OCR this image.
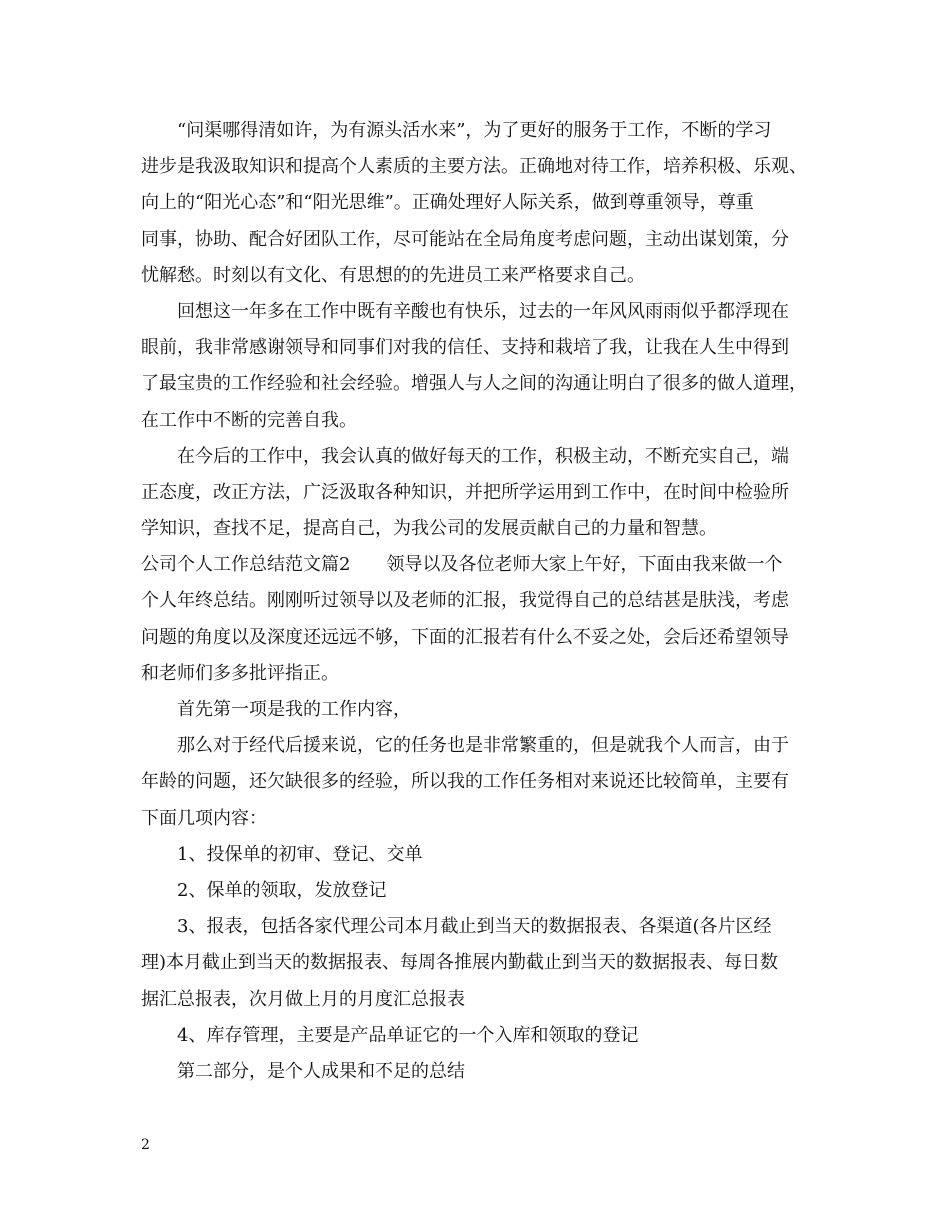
“问渠哪得清如许，为有源头活水来”，为了更好的服务于工作，不断的学习
进步是我汲取知识和提高个人素质的主要方法。正确地对待工作，培养积极、乐观、
向上的“阳光心态”和“阳光思维”。正确处理好人际关系，做到尊重领导，尊重
同事，协助、配合好团队工作，尽可能站在全局角度考虑问题，主动出谋划策，分
忧解愁。时刻以有文化、有思想的的先进员工来严格要求自己。
回想这一年多在工作中既有辛酸也有快乐，过去的一年风风雨雨似乎都浮现在
眼前，我非常感谢领导和同事们对我的信任、支持和栽培了我，让我在人生中得到
了最宝贵的工作经验和社会经验。增强人与人之间的沟通让明白了很多的做人道理，
在工作中不断的完善自我。
在今后的工作中，我会认真的做好每天的工作，积极主动，不断充实自己，端
正态度，改正方法，广泛汲取各种知识，并把所学运用到工作中，在时间中检验所
学知识，查找不足，提高自己，为我公司的发展贡献自己的力量和智慧。
公司个人工作总结范文篇2　　领导以及各位老师大家上午好，下面由我来做一个
个人年终总结。刚刚听过领导以及老师的汇报，我觉得自己的总结甚是肤浅，考虑
问题的角度以及深度还远远不够，下面的汇报若有什么不妥之处，会后还希望领导
和老师们多多批评指正。
首先第一项是我的工作内容，
那么对于经代后援来说，它的任务也是非常繁重的，但是就我个人而言，由于
年龄的问题，还欠缺很多的经验，所以我的工作任务相对来说还比较简单，主要有
下面几项内容：
1、投保单的初审、登记、交单
2、保单的领取，发放登记
3、报表，包括各家代理公司本月截止到当天的数据报表、各渠道(各片区经
理)本月截止到当天的数据报表、每周各推展内勤截止到当天的数据报表、每日数
据汇总报表，次月做上月的月度汇总报表
4、库存管理，主要是产品单证它的一个入库和领取的登记
第二部分，是个人成果和不足的总结
2
